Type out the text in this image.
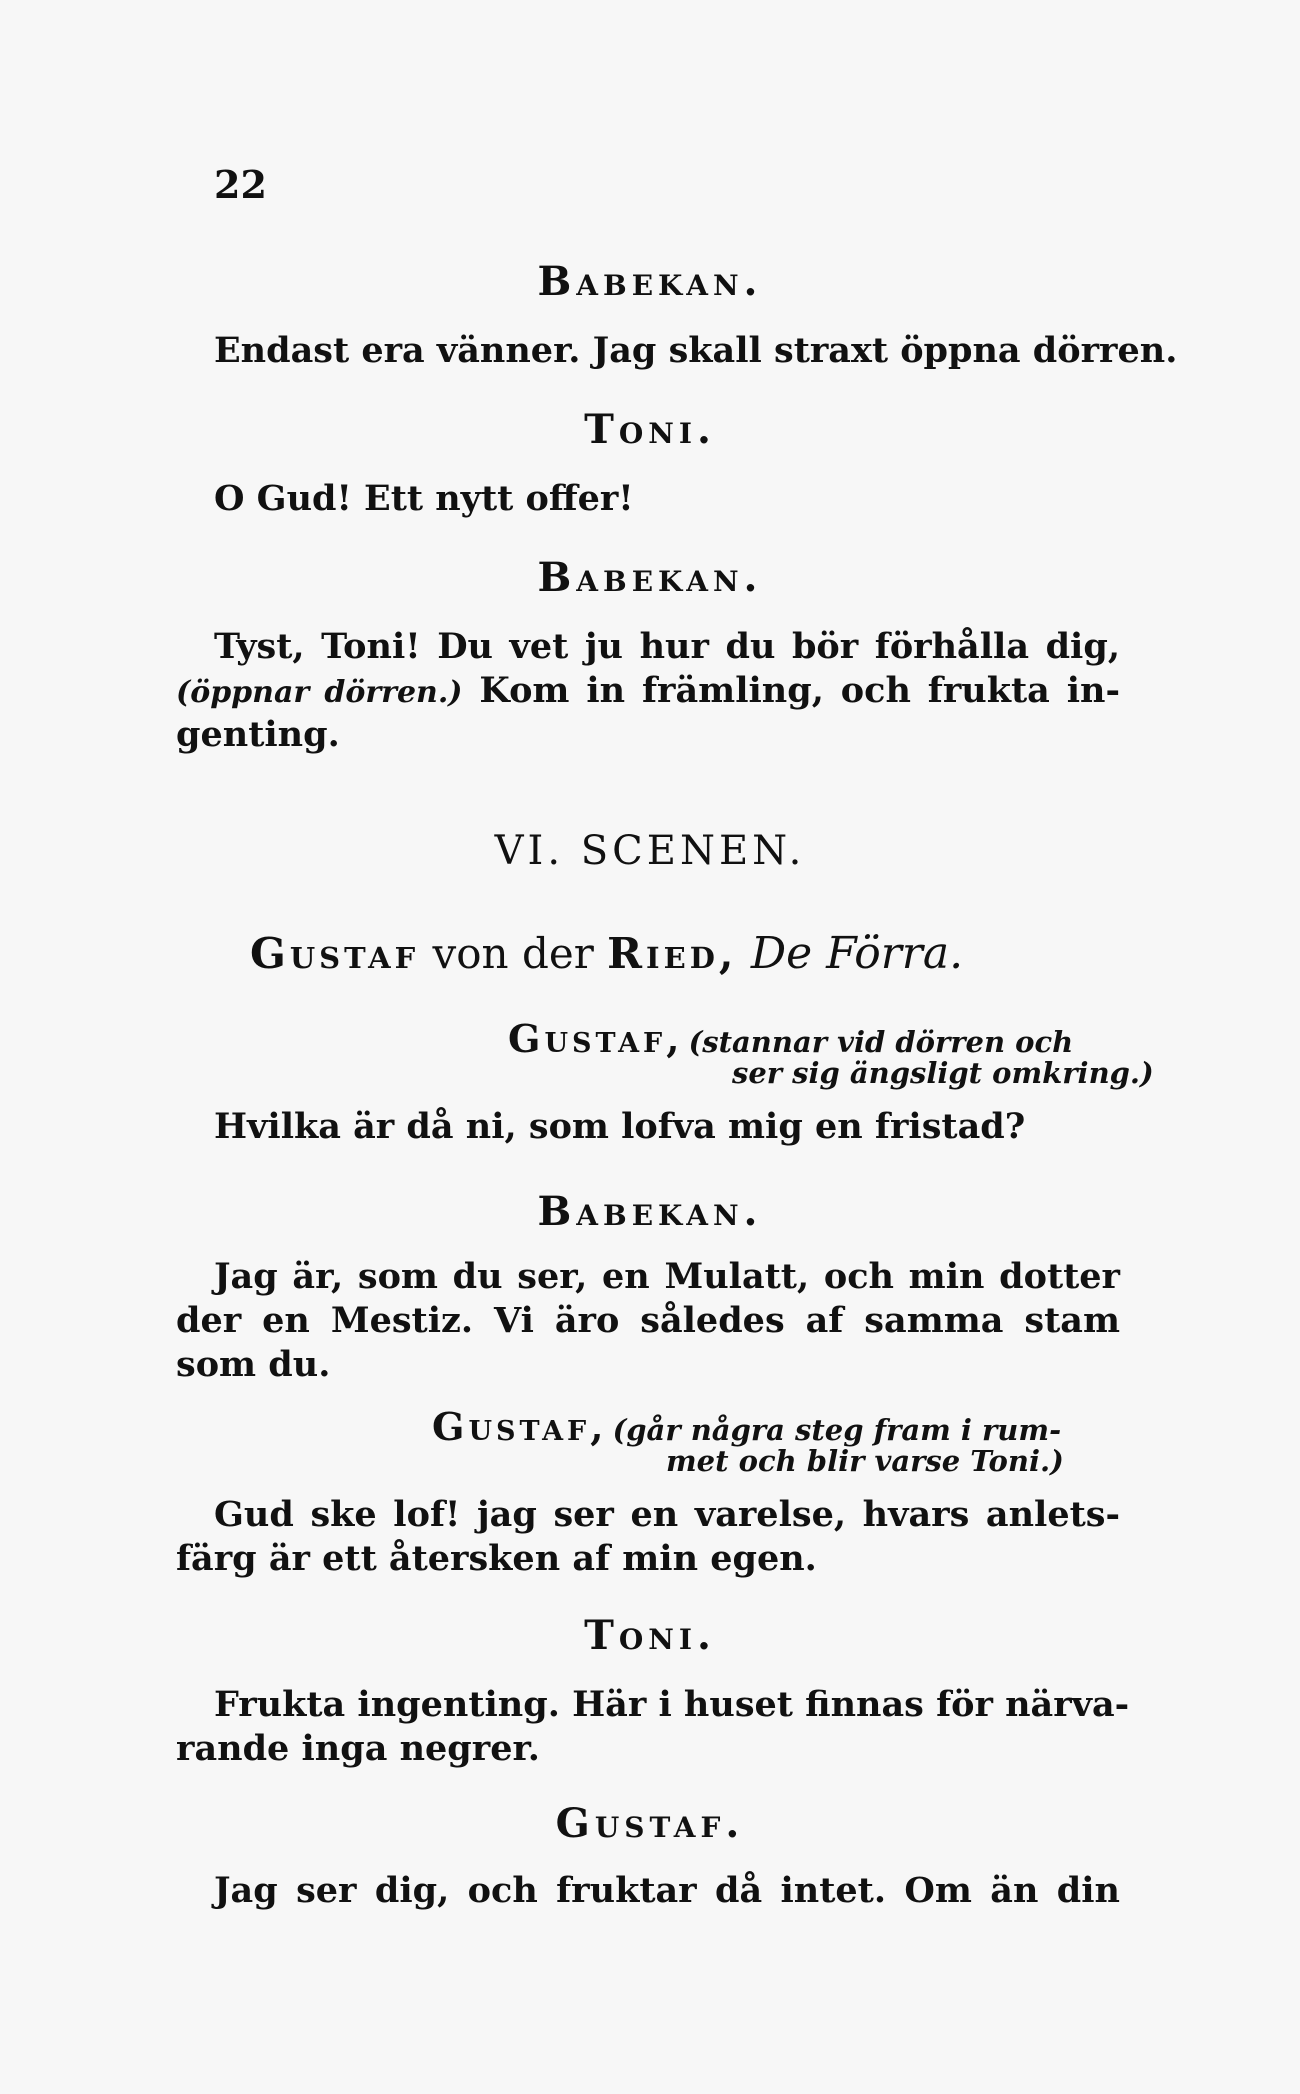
22
Babekan.
Endast era vänner. Jag skall straxt öppna dörren.
Toni.
O Gud! Ett nytt offer!
Babekan.
Tyst, Toni! Du vet ju hur du bör förhålla dig,
(öppnar dörren.) Kom in främling, och frukta in-
genting.
VI. SCENEN.
Gustaf von der Ried, De Förra.
Gustaf, (stannar vid dörren och
ser sig ängsligt omkring.)
Hvilka är då ni, som lofva mig en fristad?
Babekan.
Jag är, som du ser, en Mulatt, och min dotter
der en Mestiz. Vi äro således af samma stam
som du.
Gustaf, (går några steg fram i rum-
met och blir varse Toni.)
Gud ske lof! jag ser en varelse, hvars anlets-
färg är ett återsken af min egen.
Toni.
Frukta ingenting. Här i huset finnas för närva-
rande inga negrer.
Gustaf.
Jag ser dig, och fruktar då intet. Om än din
